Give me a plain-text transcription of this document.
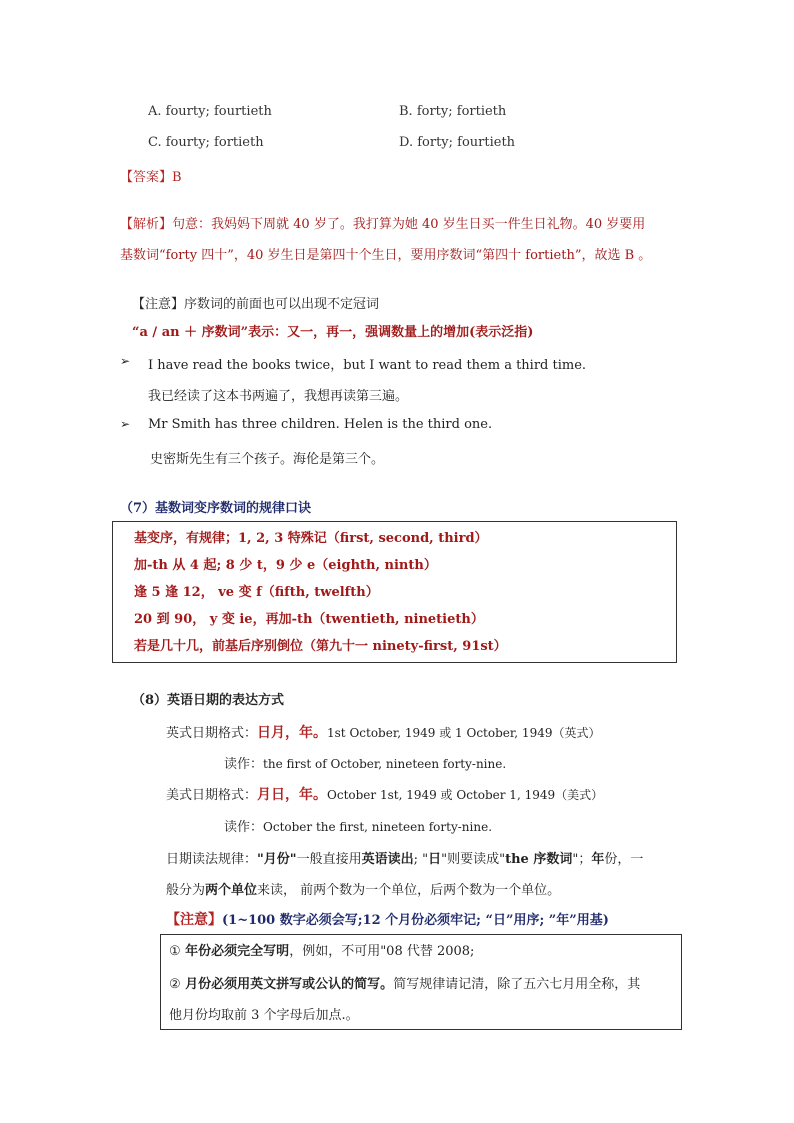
A. fourty; fourtieth	B. forty; fortieth
C. fourty; fortieth	D. forty; fourtieth
【答案】B
【解析】句意：我妈妈下周就 40 岁了。我打算为她 40 岁生日买一件生日礼物。40 岁要用
基数词“forty 四十”，40 岁生日是第四十个生日，要用序数词“第四十 fortieth”，故选 B 。
【注意】序数词的前面也可以出现不定冠词
“a / an ＋ 序数词”表示：又一，再一，强调数量上的增加(表示泛指)
➢ I have read the books twice，but I want to read them a third time.
我已经读了这本书两遍了，我想再读第三遍。
➢ Mr Smith has three children. Helen is the third one.
史密斯先生有三个孩子。海伦是第三个。
（7）基数词变序数词的规律口诀
基变序，有规律；1, 2, 3 特殊记（first, second, third）
加-th 从 4 起; 8 少 t，9 少 e（eighth, ninth）
逢 5 逢 12， ve 变 f（fifth, twelfth）
20 到 90， y 变 ie，再加-th（twentieth, ninetieth）
若是几十几，前基后序别倒位（第九十一 ninety-first, 91st）
（8）英语日期的表达方式
英式日期格式：日月，年。1st October, 1949 或 1 October, 1949（英式）
读作：the first of October, nineteen forty-nine.
美式日期格式：月日，年。October 1st, 1949 或 October 1, 1949（美式）
读作：October the first, nineteen forty-nine.
日期读法规律："月份"一般直接用英语读出; "日"则要读成"the 序数词"；年份，一
般分为两个单位来读， 前两个数为一个单位，后两个数为一个单位。
【注意】(1~100 数字必须会写;12 个月份必须牢记; “日”用序; ”年”用基)
① 年份必须完全写明，例如，不可用"08 代替 2008;
② 月份必须用英文拼写或公认的简写。简写规律请记清，除了五六七月用全称，其
他月份均取前 3 个字母后加点.。
